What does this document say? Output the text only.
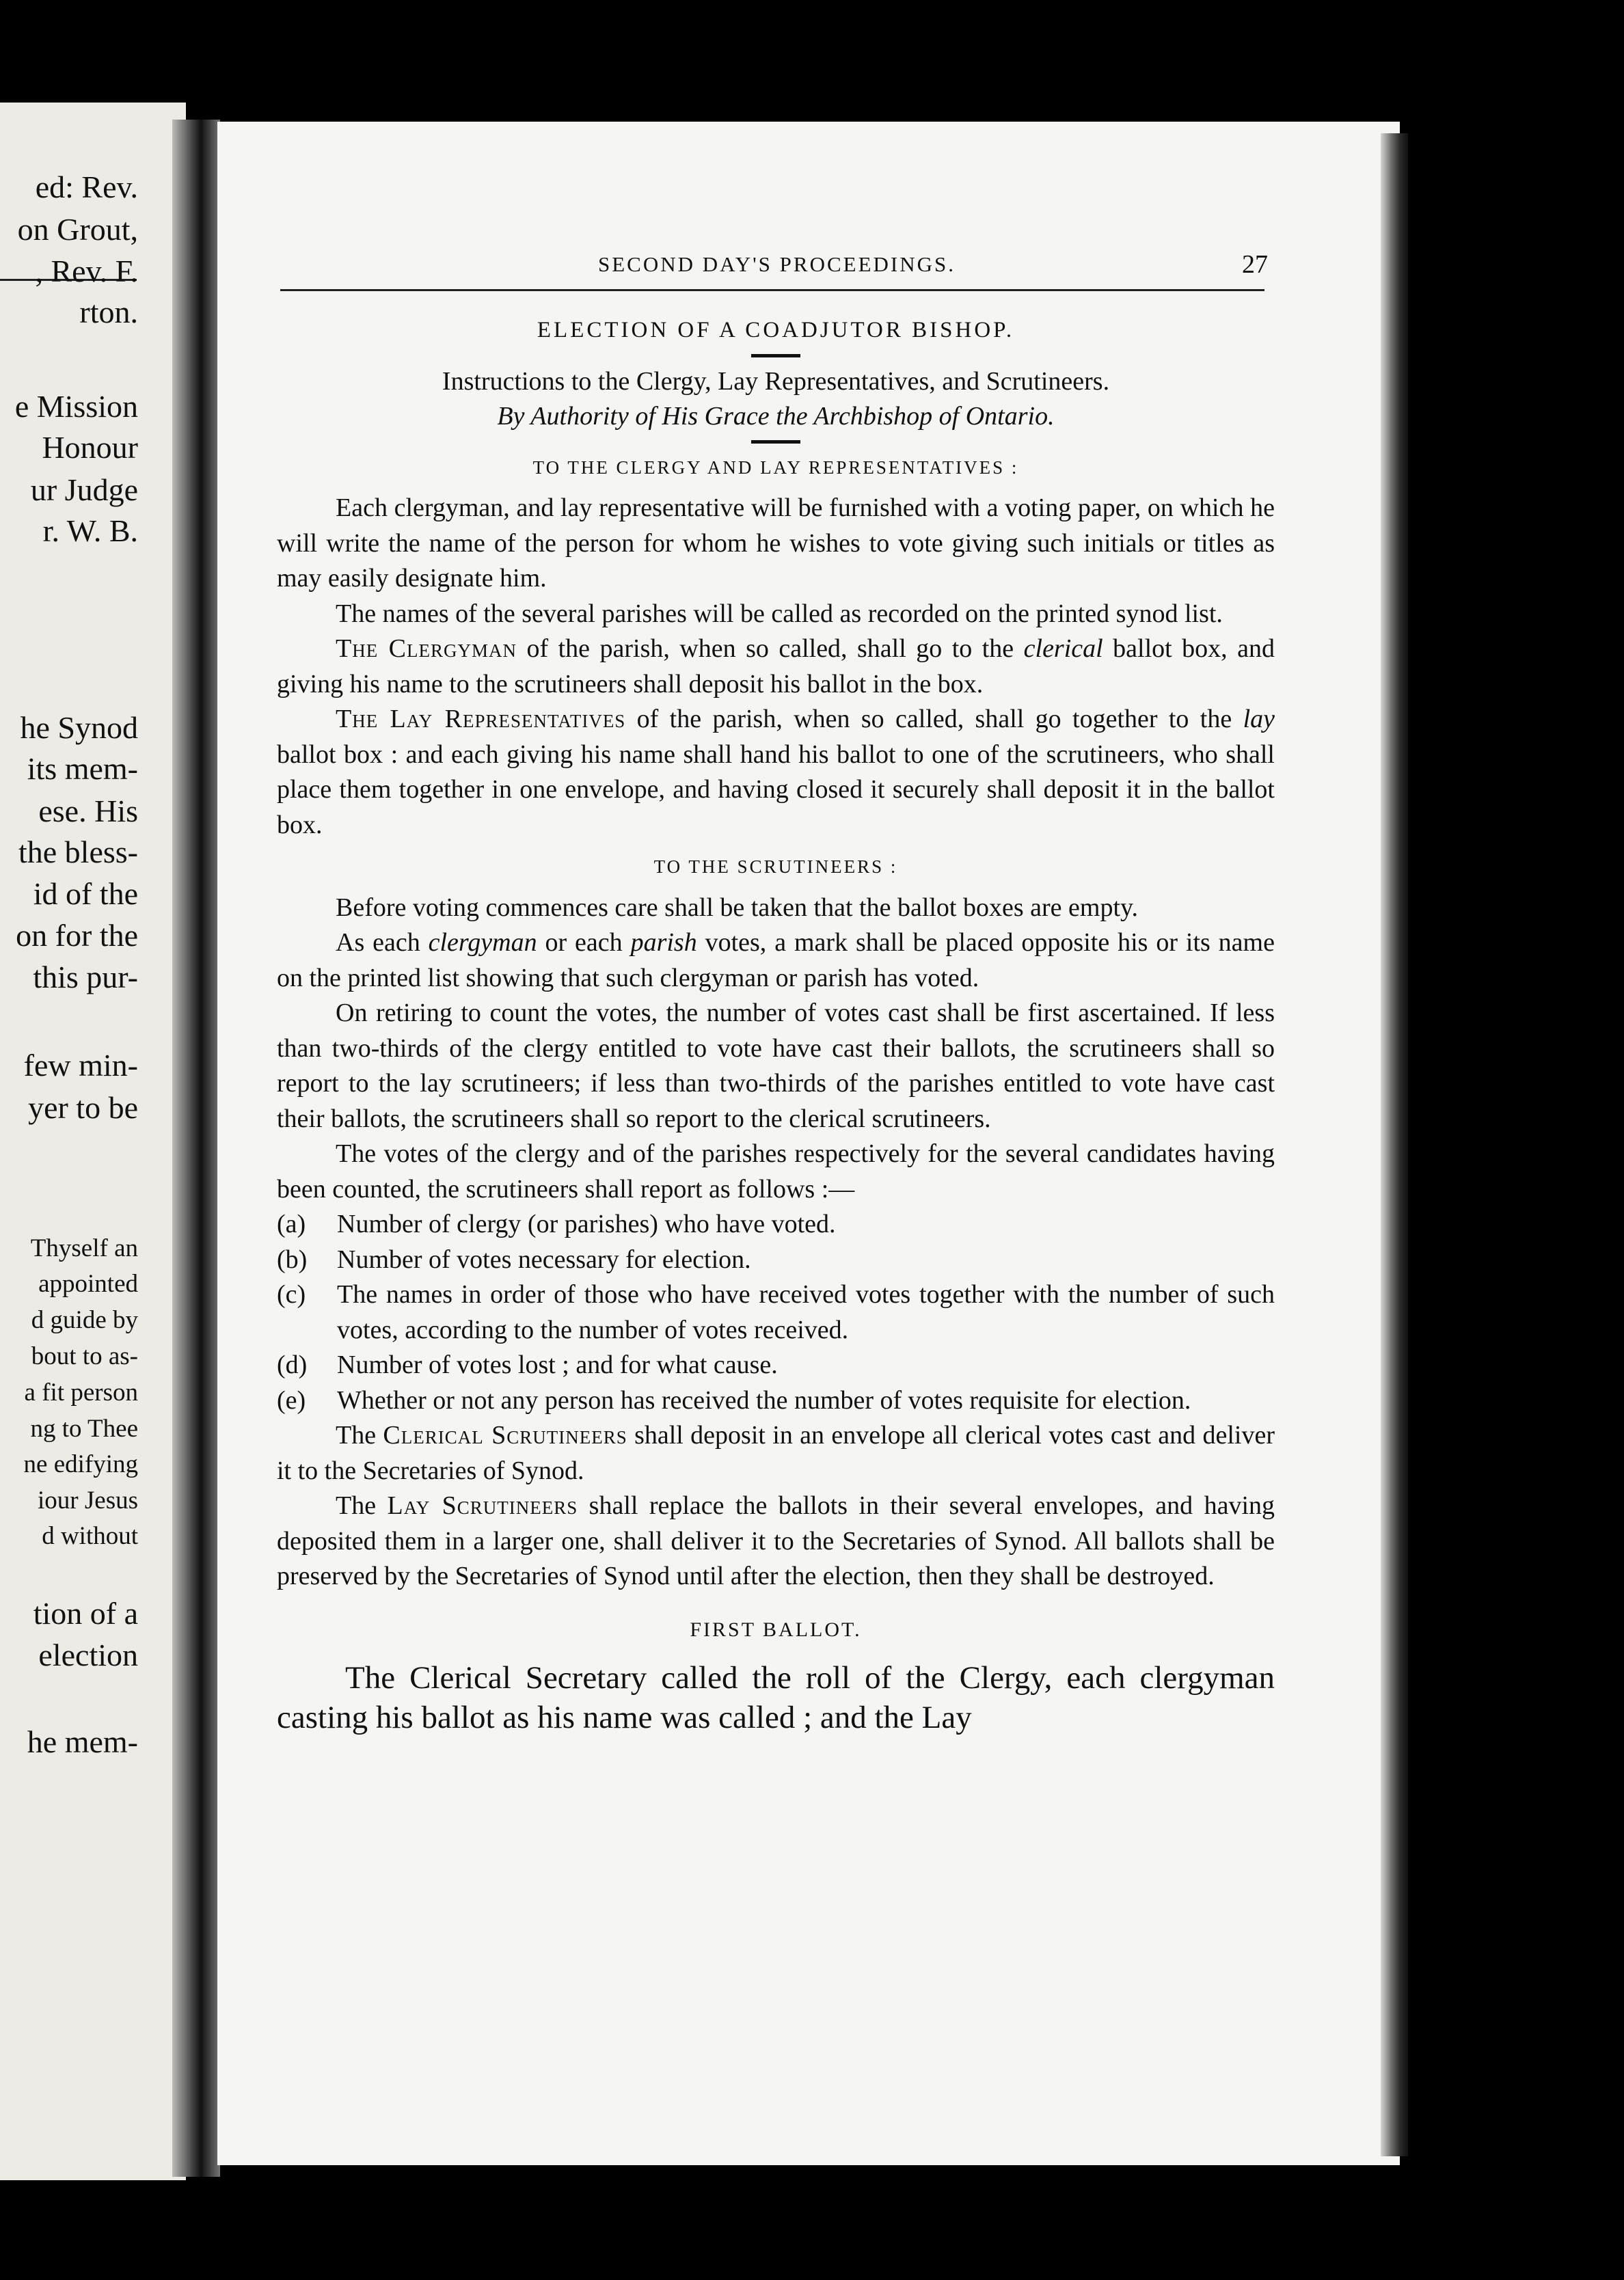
ed: Rev.
on Grout,
, Rev. F.
rton.
e Mission
Honour
ur Judge
r. W. B.
he Synod
its mem-
ese. His
the bless-
id of the
on for the
this pur-
few min-
yer to be
Thyself an
appointed
d guide by
bout to as-
a fit person
ng to Thee
ne edifying
iour Jesus
d without
tion of a
election
he mem-
SECOND DAY'S PROCEEDINGS.	27
ELECTION OF A COADJUTOR BISHOP.
Instructions to the Clergy, Lay Representatives, and Scrutineers.
By Authority of His Grace the Archbishop of Ontario.
TO THE CLERGY AND LAY REPRESENTATIVES :

Each clergyman, and lay representative will be furnished with a voting paper, on which he will write the name of the person for whom he wishes to vote giving such initials or titles as may easily designate him.

The names of the several parishes will be called as recorded on the printed synod list.

The Clergyman of the parish, when so called, shall go to the clerical ballot box, and giving his name to the scrutineers shall deposit his ballot in the box.

The Lay Representatives of the parish, when so called, shall go together to the lay ballot box : and each giving his name shall hand his ballot to one of the scrutineers, who shall place them together in one envelope, and having closed it securely shall deposit it in the ballot box.

TO THE SCRUTINEERS :

Before voting commences care shall be taken that the ballot boxes are empty.

As each clergyman or each parish votes, a mark shall be placed opposite his or its name on the printed list showing that such clergyman or parish has voted.

On retiring to count the votes, the number of votes cast shall be first ascertained. If less than two-thirds of the clergy entitled to vote have cast their ballots, the scrutineers shall so report to the lay scrutineers; if less than two-thirds of the parishes entitled to vote have cast their ballots, the scrutineers shall so report to the clerical scrutineers.

The votes of the clergy and of the parishes respectively for the several candidates having been counted, the scrutineers shall report as follows :—

(a)	Number of clergy (or parishes) who have voted.
(b)	Number of votes necessary for election.
(c)	The names in order of those who have received votes together with the number of such votes, according to the number of votes received.
(d)	Number of votes lost ; and for what cause.
(e)	Whether or not any person has received the number of votes requisite for election.

The Clerical Scrutineers shall deposit in an envelope all clerical votes cast and deliver it to the Secretaries of Synod.

The Lay Scrutineers shall replace the ballots in their several envelopes, and having deposited them in a larger one, shall deliver it to the Secretaries of Synod. All ballots shall be preserved by the Secretaries of Synod until after the election, then they shall be destroyed.

FIRST BALLOT.

The Clerical Secretary called the roll of the Clergy, each clergyman casting his ballot as his name was called ; and the Lay
